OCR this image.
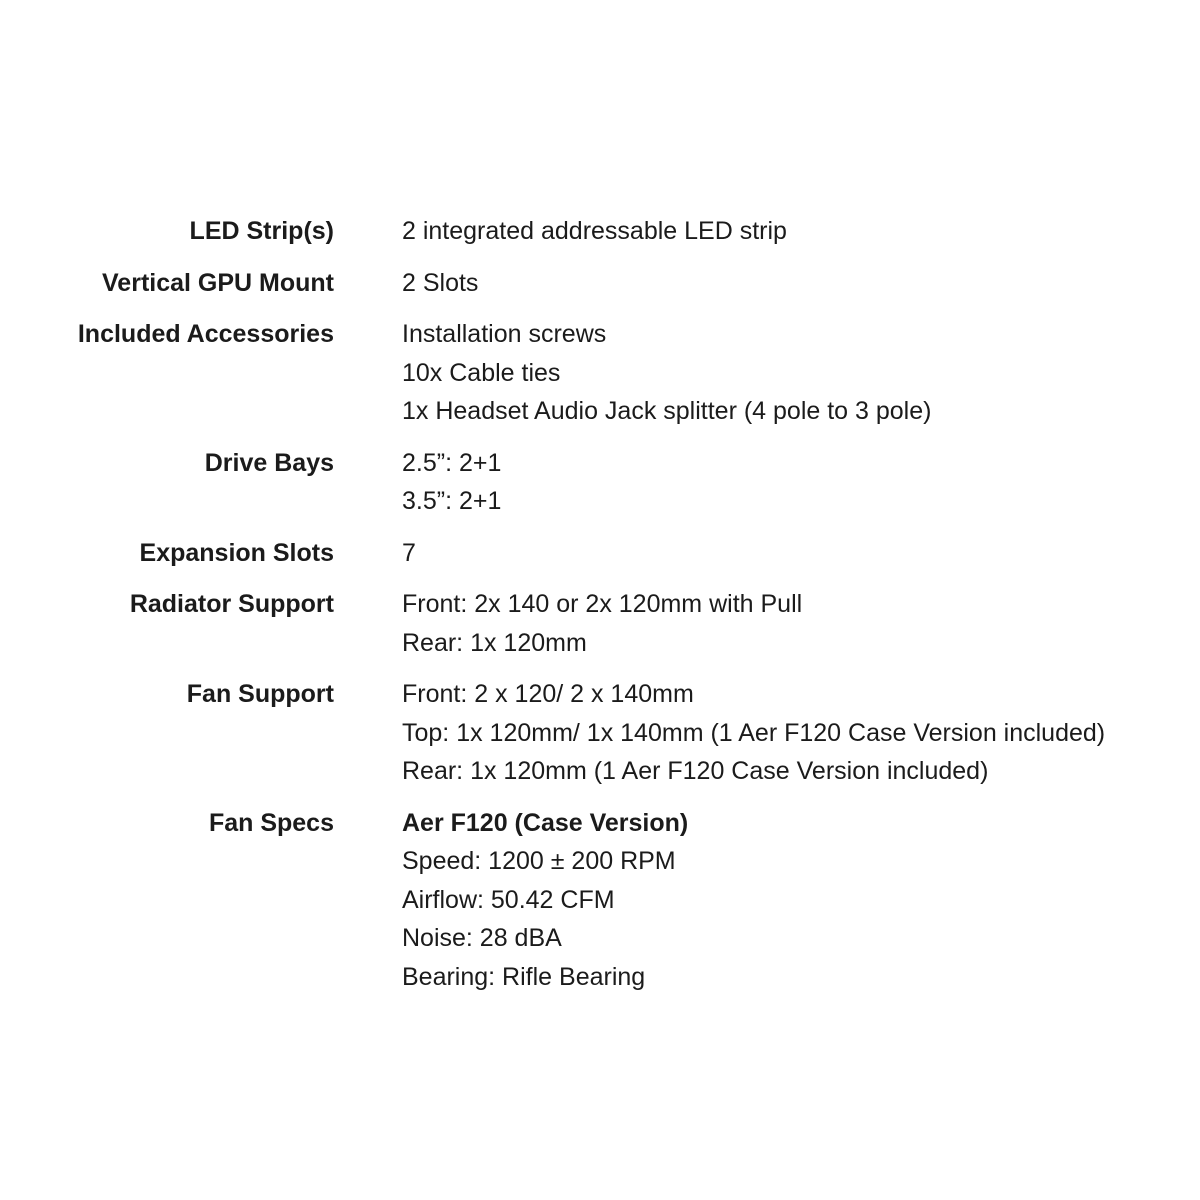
LED Strip(s)	2 integrated addressable LED strip
Vertical GPU Mount	2 Slots
Included Accessories	Installation screws
10x Cable ties
1x Headset Audio Jack splitter (4 pole to 3 pole)
Drive Bays	2.5”: 2+1
3.5”: 2+1
Expansion Slots	7
Radiator Support	Front: 2x 140 or 2x 120mm with Pull
Rear: 1x 120mm
Fan Support	Front: 2 x 120/ 2 x 140mm
Top: 1x 120mm/ 1x 140mm (1 Aer F120 Case Version included)
Rear: 1x 120mm (1 Aer F120 Case Version included)
Fan Specs	Aer F120 (Case Version)
Speed: 1200 ± 200 RPM
Airflow: 50.42 CFM
Noise: 28 dBA
Bearing: Rifle Bearing
